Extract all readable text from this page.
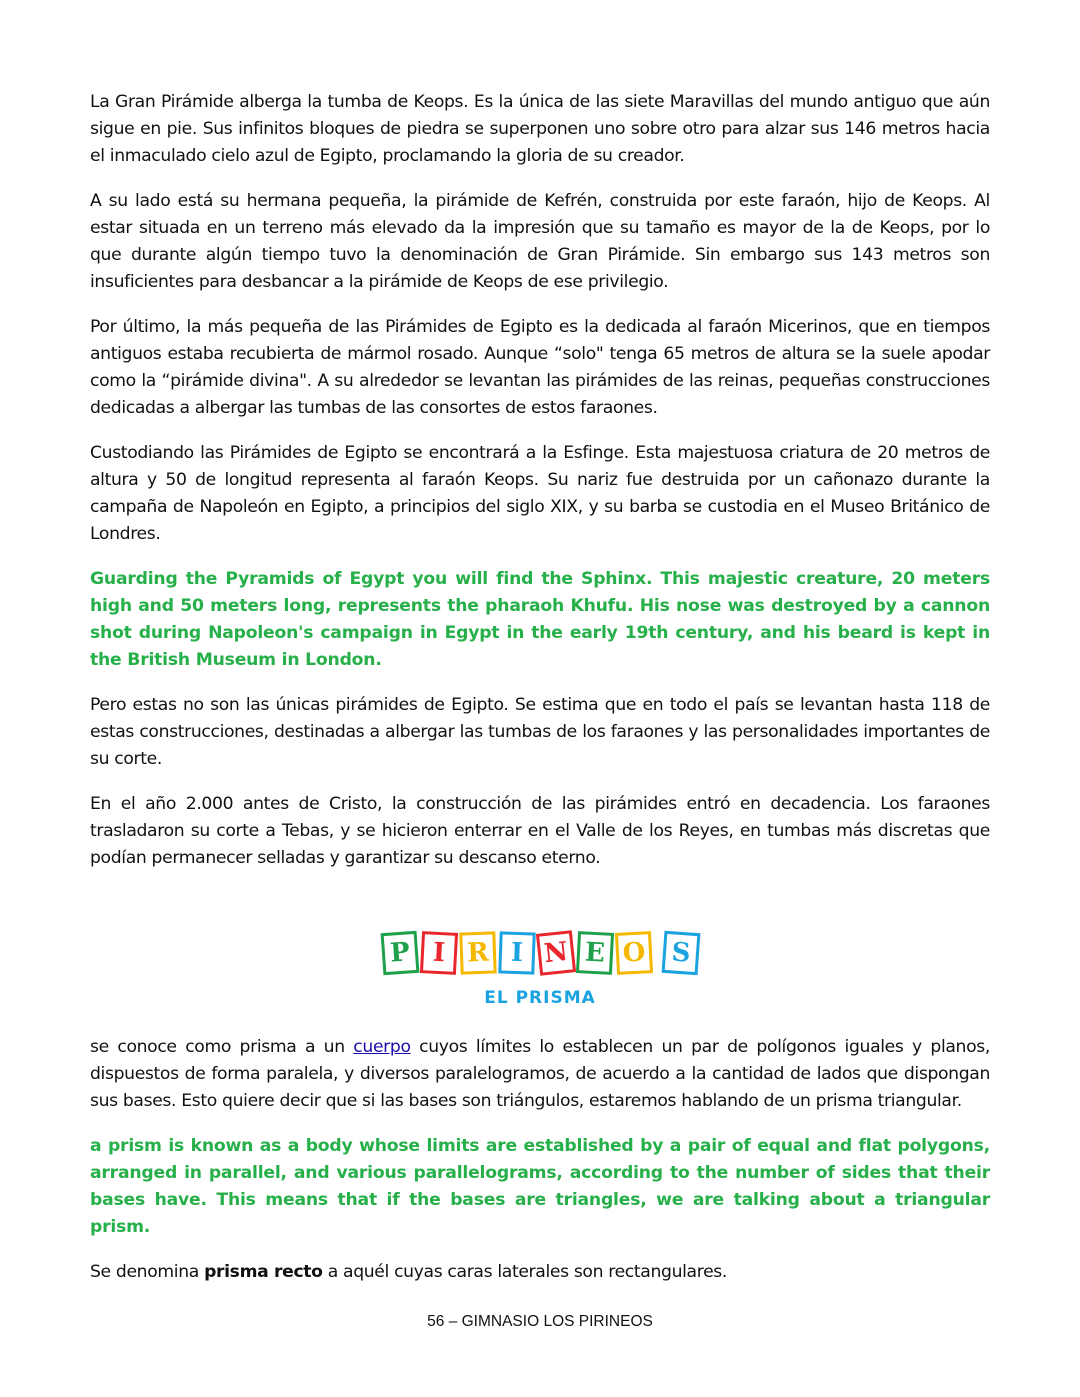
La Gran Pirámide alberga la tumba de Keops. Es la única de las siete Maravillas del mundo antiguo que aún sigue en pie. Sus infinitos bloques de piedra se superponen uno sobre otro para alzar sus 146 metros hacia el inmaculado cielo azul de Egipto, proclamando la gloria de su creador.

A su lado está su hermana pequeña, la pirámide de Kefrén, construida por este faraón, hijo de Keops. Al estar situada en un terreno más elevado da la impresión que su tamaño es mayor de la de Keops, por lo que durante algún tiempo tuvo la denominación de Gran Pirámide. Sin embargo sus 143 metros son insuficientes para desbancar a la pirámide de Keops de ese privilegio.

Por último, la más pequeña de las Pirámides de Egipto es la dedicada al faraón Micerinos, que en tiempos antiguos estaba recubierta de mármol rosado. Aunque “solo" tenga 65 metros de altura se la suele apodar como la “pirámide divina". A su alrededor se levantan las pirámides de las reinas, pequeñas construcciones dedicadas a albergar las tumbas de las consortes de estos faraones.

Custodiando las Pirámides de Egipto se encontrará a la Esfinge. Esta majestuosa criatura de 20 metros de altura y 50 de longitud representa al faraón Keops. Su nariz fue destruida por un cañonazo durante la campaña de Napoleón en Egipto, a principios del siglo XIX, y su barba se custodia en el Museo Británico de Londres.

Guarding the Pyramids of Egypt you will find the Sphinx. This majestic creature, 20 meters high and 50 meters long, represents the pharaoh Khufu. His nose was destroyed by a cannon shot during Napoleon's campaign in Egypt in the early 19th century, and his beard is kept in the British Museum in London.

Pero estas no son las únicas pirámides de Egipto. Se estima que en todo el país se levantan hasta 118 de estas construcciones, destinadas a albergar las tumbas de los faraones y las personalidades importantes de su corte.

En el año 2.000 antes de Cristo, la construcción de las pirámides entró en decadencia. Los faraones trasladaron su corte a Tebas, y se hicieron enterrar en el Valle de los Reyes, en tumbas más discretas que podían permanecer selladas y garantizar su descanso eterno.

P I R I N E O S
EL PRISMA

se conoce como prisma a un cuerpo cuyos límites lo establecen un par de polígonos iguales y planos, dispuestos de forma paralela, y diversos paralelogramos, de acuerdo a la cantidad de lados que dispongan sus bases. Esto quiere decir que si las bases son triángulos, estaremos hablando de un prisma triangular.

a prism is known as a body whose limits are established by a pair of equal and flat polygons, arranged in parallel, and various parallelograms, according to the number of sides that their bases have. This means that if the bases are triangles, we are talking about a triangular prism.

Se denomina prisma recto a aquél cuyas caras laterales son rectangulares.

56 – GIMNASIO LOS PIRINEOS
